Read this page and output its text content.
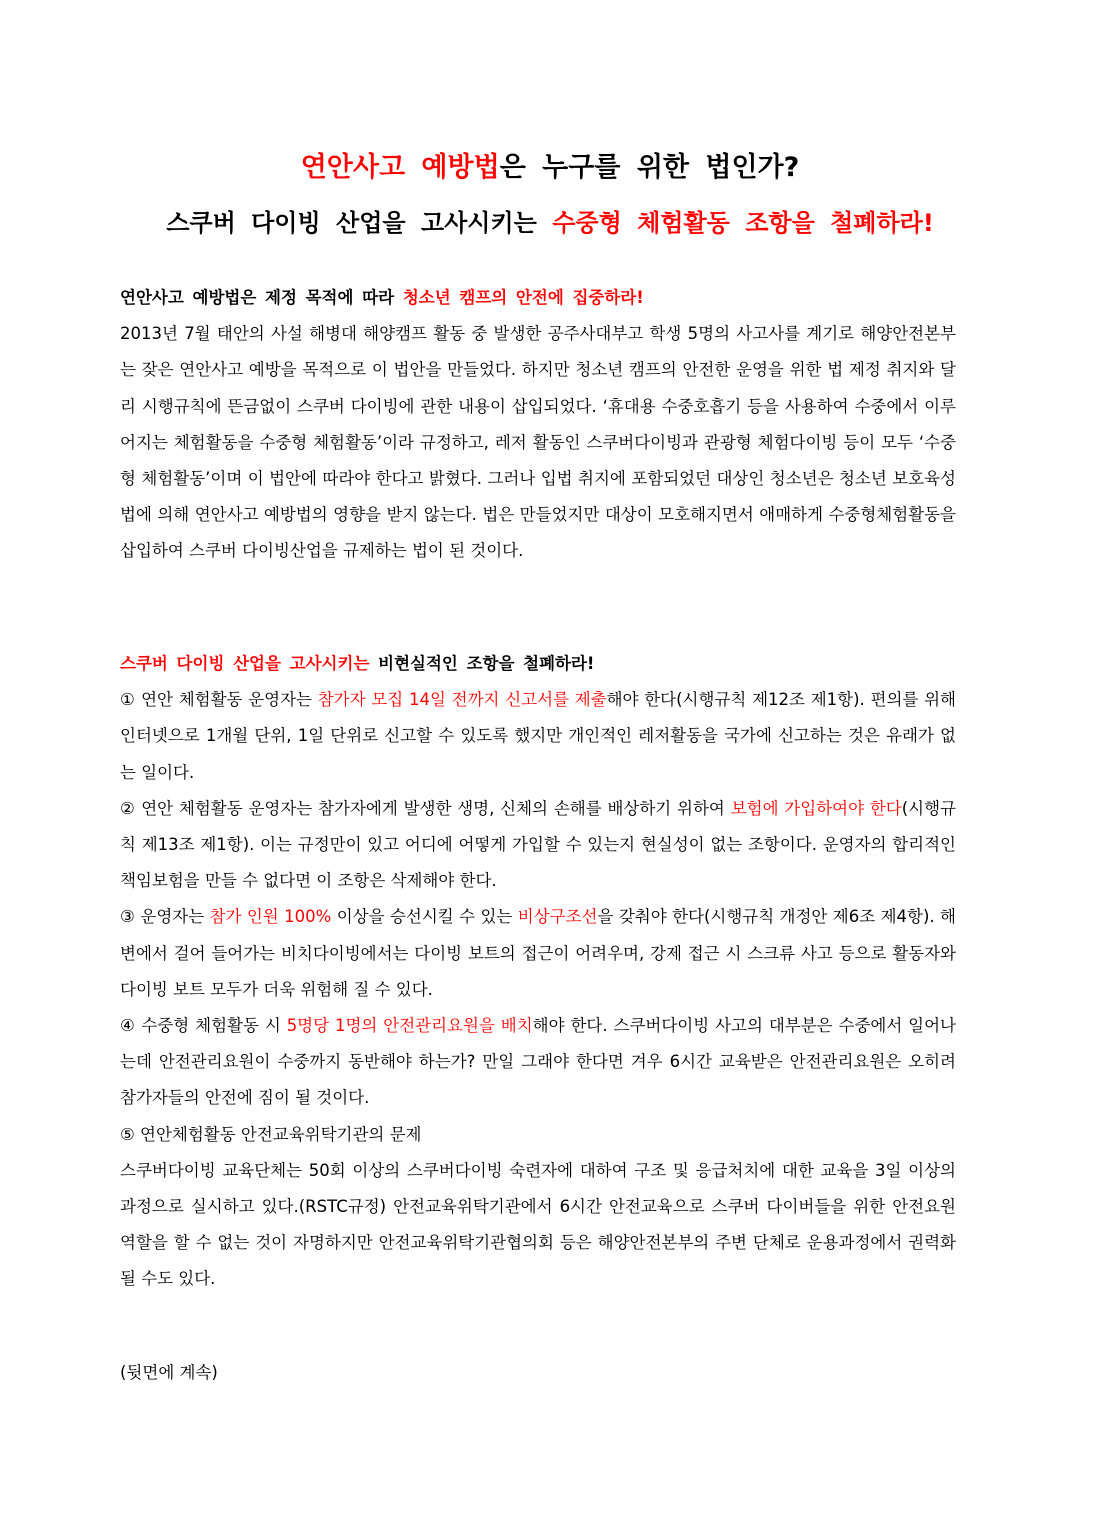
연안사고 예방법은 누구를 위한 법인가?
스쿠버 다이빙 산업을 고사시키는 수중형 체험활동 조항을 철폐하라!

연안사고 예방법은 제정 목적에 따라 청소년 캠프의 안전에 집중하라!

2013년 7월 태안의 사설 해병대 해양캠프 활동 중 발생한 공주사대부고 학생 5명의 사고사를 계기로 해양안전본부는 잦은 연안사고 예방을 목적으로 이 법안을 만들었다. 하지만 청소년 캠프의 안전한 운영을 위한 법 제정 취지와 달리 시행규칙에 뜬금없이 스쿠버 다이빙에 관한 내용이 삽입되었다. ‘휴대용 수중호흡기 등을 사용하여 수중에서 이루어지는 체험활동을 수중형 체험활동’이라 규정하고, 레저 활동인 스쿠버다이빙과 관광형 체험다이빙 등이 모두 ‘수중형 체험활동’이며 이 법안에 따라야 한다고 밝혔다. 그러나 입법 취지에 포함되었던 대상인 청소년은 청소년 보호육성법에 의해 연안사고 예방법의 영향을 받지 않는다. 법은 만들었지만 대상이 모호해지면서 애매하게 수중형체험활동을 삽입하여 스쿠버 다이빙산업을 규제하는 법이 된 것이다.

스쿠버 다이빙 산업을 고사시키는 비현실적인 조항을 철폐하라!

① 연안 체험활동 운영자는 참가자 모집 14일 전까지 신고서를 제출해야 한다(시행규칙 제12조 제1항). 편의를 위해 인터넷으로 1개월 단위, 1일 단위로 신고할 수 있도록 했지만 개인적인 레저활동을 국가에 신고하는 것은 유래가 없는 일이다.

② 연안 체험활동 운영자는 참가자에게 발생한 생명, 신체의 손해를 배상하기 위하여 보험에 가입하여야 한다(시행규칙 제13조 제1항). 이는 규정만이 있고 어디에 어떻게 가입할 수 있는지 현실성이 없는 조항이다. 운영자의 합리적인 책임보험을 만들 수 없다면 이 조항은 삭제해야 한다.

③ 운영자는 참가 인원 100% 이상을 승선시킬 수 있는 비상구조선을 갖춰야 한다(시행규칙 개정안 제6조 제4항). 해변에서 걸어 들어가는 비치다이빙에서는 다이빙 보트의 접근이 어려우며, 강제 접근 시 스크류 사고 등으로 활동자와 다이빙 보트 모두가 더욱 위험해 질 수 있다.

④ 수중형 체험활동 시 5명당 1명의 안전관리요원을 배치해야 한다. 스쿠버다이빙 사고의 대부분은 수중에서 일어나는데 안전관리요원이 수중까지 동반해야 하는가? 만일 그래야 한다면 겨우 6시간 교육받은 안전관리요원은 오히려 참가자들의 안전에 짐이 될 것이다.

⑤ 연안체험활동 안전교육위탁기관의 문제

스쿠버다이빙 교육단체는 50회 이상의 스쿠버다이빙 숙련자에 대하여 구조 및 응급처치에 대한 교육을 3일 이상의 과정으로 실시하고 있다.(RSTC규정) 안전교육위탁기관에서 6시간 안전교육으로 스쿠버 다이버들을 위한 안전요원 역할을 할 수 없는 것이 자명하지만 안전교육위탁기관협의회 등은 해양안전본부의 주변 단체로 운용과정에서 권력화 될 수도 있다.

(뒷면에 계속)
